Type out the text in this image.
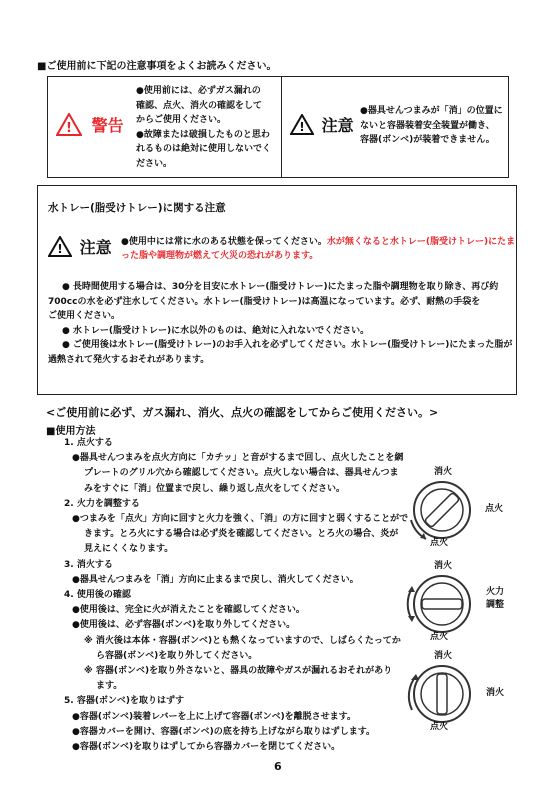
■ご使用前に下記の注意事項をよくお読みください。
! 警告
●使用前には、必ずガス漏れの
確認、点火、消火の確認をして
からご使用ください。
●故障または破損したものと思わ
れるものは絶対に使用しないでく
ださい。
! 注意
●器具せんつまみが「消」の位置に
ないと容器装着安全装置が働き、
容器(ボンベ)が装着できません。
水トレー(脂受けトレー)に関する注意
! 注意 ●使用中には常に水のある状態を保ってください。水が無くなると水トレー(脂受けトレー)にたま
った脂や調理物が燃えて火災の恐れがあります。
● 長時間使用する場合は、30分を目安に水トレー(脂受けトレー)にたまった脂や調理物を取り除き、再び約
700ccの水を必ず注水してください。水トレー(脂受けトレー)は高温になっています。必ず、耐熱の手袋を
ご使用ください。
● 水トレー(脂受けトレー)に水以外のものは、絶対に入れないでください。
● ご使用後は水トレー(脂受けトレー)のお手入れを必ずしてください。水トレー(脂受けトレー)にたまった脂が
過熱されて発火するおそれがあります。
<ご使用前に必ず、ガス漏れ、消火、点火の確認をしてからご使用ください。>
■使用方法
1. 点火する
●器具せんつまみを点火方向に「カチッ」と音がするまで回し、点火したことを網
プレートのグリル穴から確認してください。点火しない場合は、器具せんつま
みをすぐに「消」位置まで戻し、繰り返し点火をしてください。
2. 火力を調整する
●つまみを「点火」方向に回すと火力を強く、「消」の方に回すと弱くすることがで
きます。とろ火にする場合は必ず炎を確認してください。とろ火の場合、炎が
見えにくくなります。
3. 消火する
●器具せんつまみを「消」方向に止まるまで戻し、消火してください。
4. 使用後の確認
●使用後は、完全に火が消えたことを確認してください。
●使用後は、必ず容器(ボンベ)を取り外してください。
※ 消火後は本体・容器(ボンベ)とも熱くなっていますので、しばらくたってか
ら容器(ボンベ)を取り外してください。
※ 容器(ボンベ)を取り外さないと、器具の故障やガスが漏れるおそれがあり
ます。
5. 容器(ボンベ)を取りはずす
●容器(ボンベ)装着レバーを上に上げて容器(ボンベ)を離脱させます。
●容器カバーを開け、容器(ボンベ)の底を持ち上げながら取りはずします。
●容器(ボンベ)を取りはずしてから容器カバーを閉じてください。
消火
点火
点火
消火
火力
調整
点火
消火
消火
点火
6
